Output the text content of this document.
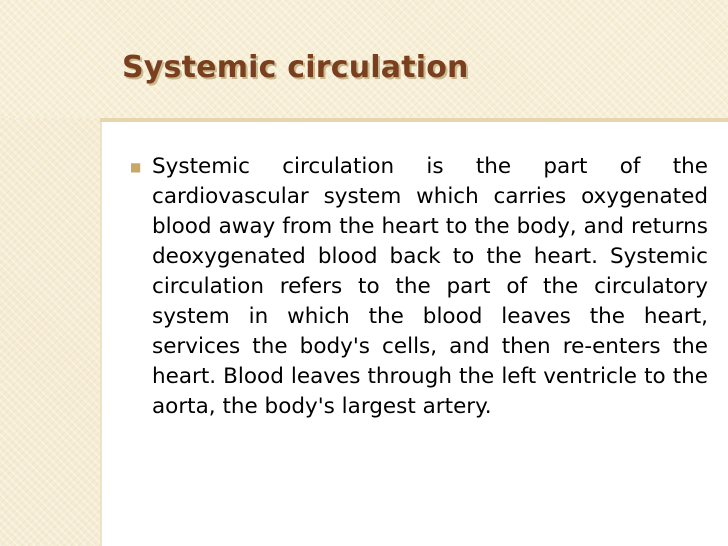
Systemic circulation
■ Systemic circulation is the part of the cardiovascular system which carries oxygenated blood away from the heart to the body, and returns deoxygenated blood back to the heart. Systemic circulation refers to the part of the circulatory system in which the blood leaves the heart, services the body's cells, and then re-enters the heart. Blood leaves through the left ventricle to the aorta, the body's largest artery.
